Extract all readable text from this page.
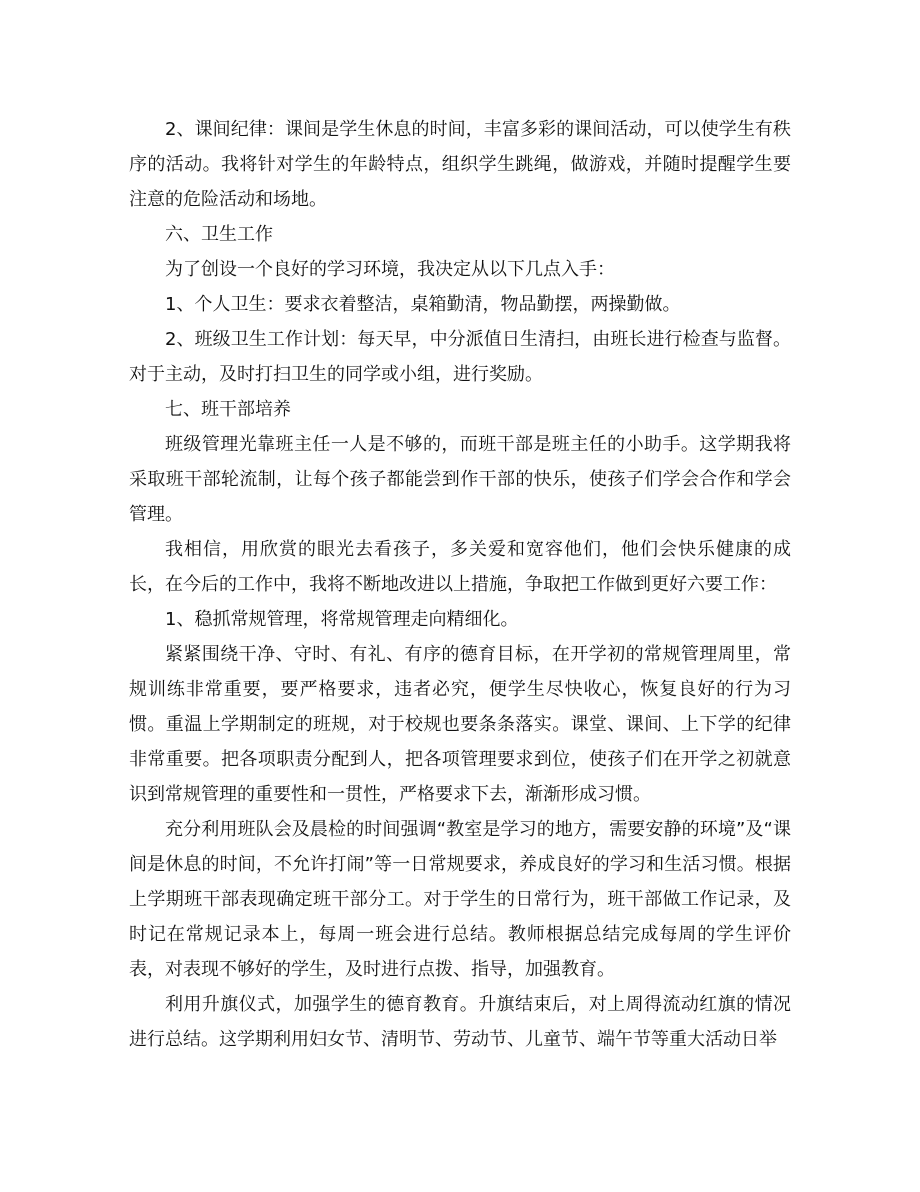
2、课间纪律：课间是学生休息的时间，丰富多彩的课间活动，可以使学生有秩序的活动。我将针对学生的年龄特点，组织学生跳绳，做游戏，并随时提醒学生要注意的危险活动和场地。

六、卫生工作

为了创设一个良好的学习环境，我决定从以下几点入手：

1、个人卫生：要求衣着整洁，桌箱勤清，物品勤摆，两操勤做。

2、班级卫生工作计划：每天早，中分派值日生清扫，由班长进行检查与监督。对于主动，及时打扫卫生的同学或小组，进行奖励。

七、班干部培养

班级管理光靠班主任一人是不够的，而班干部是班主任的小助手。这学期我将采取班干部轮流制，让每个孩子都能尝到作干部的快乐，使孩子们学会合作和学会管理。

我相信，用欣赏的眼光去看孩子，多关爱和宽容他们，他们会快乐健康的成长，在今后的工作中，我将不断地改进以上措施，争取把工作做到更好六要工作：

1、稳抓常规管理，将常规管理走向精细化。

紧紧围绕干净、守时、有礼、有序的德育目标，在开学初的常规管理周里，常规训练非常重要，要严格要求，违者必究，便学生尽快收心，恢复良好的行为习惯。重温上学期制定的班规，对于校规也要条条落实。课堂、课间、上下学的纪律非常重要。把各项职责分配到人，把各项管理要求到位，使孩子们在开学之初就意识到常规管理的重要性和一贯性，严格要求下去，渐渐形成习惯。

充分利用班队会及晨检的时间强调“教室是学习的地方，需要安静的环境”及“课间是休息的时间，不允许打闹”等一日常规要求，养成良好的学习和生活习惯。根据上学期班干部表现确定班干部分工。对于学生的日常行为，班干部做工作记录，及时记在常规记录本上，每周一班会进行总结。教师根据总结完成每周的学生评价表，对表现不够好的学生，及时进行点拨、指导，加强教育。

利用升旗仪式，加强学生的德育教育。升旗结束后，对上周得流动红旗的情况进行总结。这学期利用妇女节、清明节、劳动节、儿童节、端午节等重大活动日举
